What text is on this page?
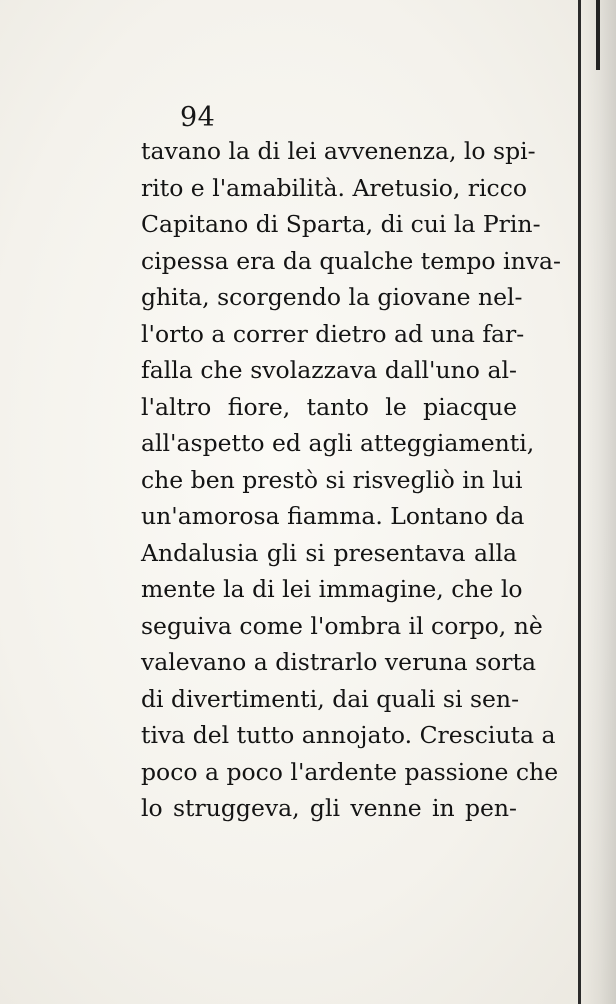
94
tavano la di lei avvenenza, lo spi-
rito e l'amabilità. Aretusio, ricco
Capitano di Sparta, di cui la Prin-
cipessa era da qualche tempo inva-
ghita, scorgendo la giovane nel-
l'orto a correr dietro ad una far-
falla che svolazzava dall'uno al-
l'altro fiore, tanto le piacque
all'aspetto ed agli atteggiamenti,
che ben prestò si risvegliò in lui
un'amorosa fiamma. Lontano da
Andalusia gli si presentava alla
mente la di lei immagine, che lo
seguiva come l'ombra il corpo, nè
valevano a distrarlo veruna sorta
di divertimenti, dai quali si sen-
tiva del tutto annojato. Cresciuta a
poco a poco l'ardente passione che
lo struggeva, gli venne in pen-
